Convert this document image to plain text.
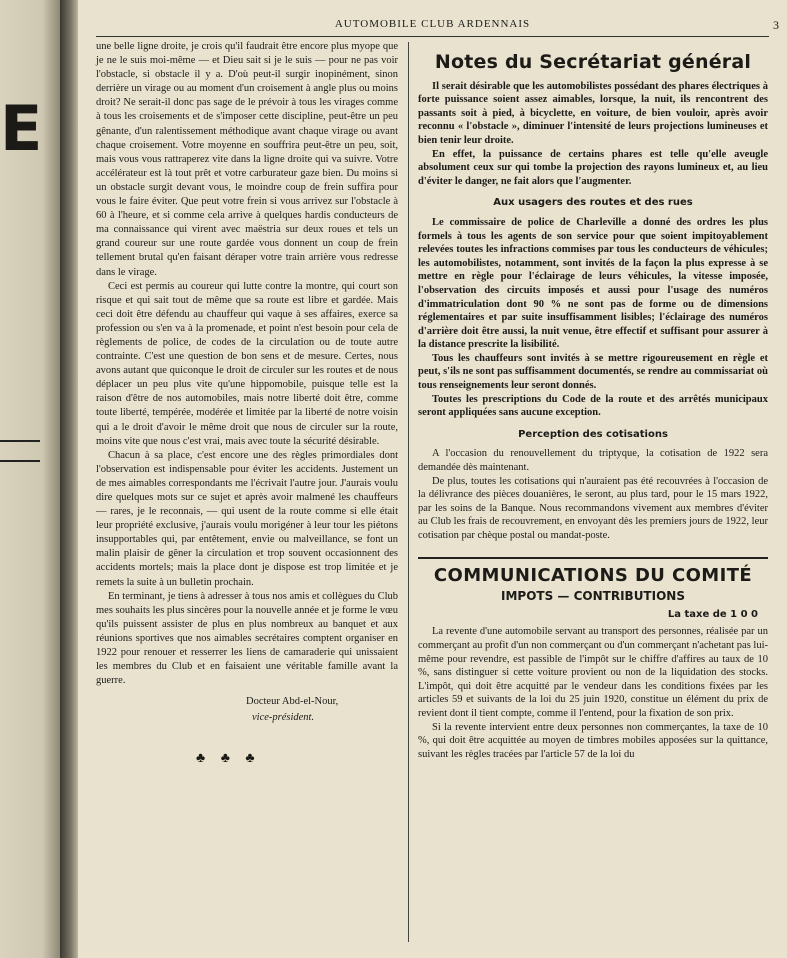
E
AUTOMOBILE CLUB ARDENNAIS	3

une belle ligne droite, je crois qu'il faudrait être encore plus myope que je ne le suis moi-même — et Dieu sait si je le suis — pour ne pas voir l'obstacle, si obstacle il y a. D'où peut-il surgir inopinément, sinon derrière un virage ou au moment d'un croisement à angle plus ou moins droit? Ne serait-il donc pas sage de le prévoir à tous les virages comme à tous les croisements et de s'imposer cette discipline, peut-être un peu gênante, d'un ralentissement méthodique avant chaque virage ou avant chaque croisement. Votre moyenne en souffrira peut-être un peu, soit, mais vous vous rattraperez vite dans la ligne droite qui va suivre. Votre accélérateur est là tout prêt et votre carburateur gaze bien. Du moins si un obstacle surgit devant vous, le moindre coup de frein suffira pour vous le faire éviter. Que peut votre frein si vous arrivez sur l'obstacle à 60 à l'heure, et si comme cela arrive à quelques hardis conducteurs de ma connaissance qui virent avec maëstria sur deux roues et tels un grand coureur sur une route gardée vous donnent un coup de frein tellement brutal qu'en faisant déraper votre train arrière vous redresse dans le virage.

Ceci est permis au coureur qui lutte contre la montre, qui court son risque et qui sait tout de même que sa route est libre et gardée. Mais ceci doit être défendu au chauffeur qui vaque à ses affaires, exerce sa profession ou s'en va à la promenade, et point n'est besoin pour cela de règlements de police, de codes de la circulation ou de toute autre contrainte. C'est une question de bon sens et de mesure. Certes, nous avons autant que quiconque le droit de circuler sur les routes et de nous déplacer un peu plus vite qu'une hippomobile, puisque telle est la raison d'être de nos automobiles, mais notre liberté doit être, comme toute liberté, tempérée, modérée et limitée par la liberté de notre voisin qui a le droit d'avoir le même droit que nous de circuler sur la route, moins vite que nous c'est vrai, mais avec toute la sécurité désirable.

Chacun à sa place, c'est encore une des règles primordiales dont l'observation est indispensable pour éviter les accidents. Justement un de mes aimables correspondants me l'écrivait l'autre jour. J'aurais voulu dire quelques mots sur ce sujet et après avoir malmené les chauffeurs — rares, je le reconnais, — qui usent de la route comme si elle était leur propriété exclusive, j'aurais voulu morigéner à leur tour les piétons insupportables qui, par entêtement, envie ou malveillance, se font un malin plaisir de gêner la circulation et trop souvent occasionnent des accidents mortels; mais la place dont je dispose est trop limitée et je remets la suite à un bulletin prochain.

En terminant, je tiens à adresser à tous nos amis et collègues du Club mes souhaits les plus sincères pour la nouvelle année et je forme le vœu qu'ils puissent assister de plus en plus nombreux au banquet et aux réunions sportives que nos aimables secrétaires comptent organiser en 1922 pour renouer et resserrer les liens de camaraderie qui unissaient les membres du Club et en faisaient une véritable famille avant la guerre.

Docteur Abd-el-Nour,
vice-président.
♣ ♣ ♣
Notes du Secrétariat général

Il serait désirable que les automobilistes possédant des phares électriques à forte puissance soient assez aimables, lorsque, la nuit, ils rencontrent des passants soit à pied, à bicyclette, en voiture, de bien vouloir, après avoir reconnu « l'obstacle », diminuer l'intensité de leurs projections lumineuses et bien tenir leur droite.

En effet, la puissance de certains phares est telle qu'elle aveugle absolument ceux sur qui tombe la projection des rayons lumineux et, au lieu d'éviter le danger, ne fait alors que l'augmenter.

Aux usagers des routes et des rues

Le commissaire de police de Charleville a donné des ordres les plus formels à tous les agents de son service pour que soient impitoyablement relevées toutes les infractions commises par tous les conducteurs de véhicules; les automobilistes, notamment, sont invités de la façon la plus expresse à se mettre en règle pour l'éclairage de leurs véhicules, la vitesse imposée, l'observation des circuits imposés et aussi pour l'usage des numéros d'immatriculation dont 90 % ne sont pas de forme ou de dimensions réglementaires et par suite insuffisamment lisibles; l'éclairage des numéros d'arrière doit être aussi, la nuit venue, être effectif et suffisant pour assurer à la distance prescrite la lisibilité.

Tous les chauffeurs sont invités à se mettre rigoureusement en règle et peut, s'ils ne sont pas suffisamment documentés, se rendre au commissariat où tous renseignements leur seront donnés.

Toutes les prescriptions du Code de la route et des arrêtés municipaux seront appliquées sans aucune exception.

Perception des cotisations

A l'occasion du renouvellement du triptyque, la cotisation de 1922 sera demandée dès maintenant.

De plus, toutes les cotisations qui n'auraient pas été recouvrées à l'occasion de la délivrance des pièces douanières, le seront, au plus tard, pour le 15 mars 1922, par les soins de la Banque. Nous recommandons vivement aux membres d'éviter au Club les frais de recouvrement, en envoyant dès les premiers jours de 1922, leur cotisation par chèque postal ou mandat-poste.

COMMUNICATIONS DU COMITÉ
IMPOTS — CONTRIBUTIONS
La taxe de 1 0 0

La revente d'une automobile servant au transport des personnes, réalisée par un commerçant au profit d'un non commerçant ou d'un commerçant n'achetant pas lui-même pour revendre, est passible de l'impôt sur le chiffre d'affires au taux de 10 %, sans distinguer si cette voiture provient ou non de la liquidation des stocks. L'impôt, qui doit être acquitté par le vendeur dans les conditions fixées par les articles 59 et suivants de la loi du 25 juin 1920, constitue un élément du prix de revient dont il tient compte, comme il l'entend, pour la fixation de son prix.

Si la revente intervient entre deux personnes non commerçantes, la taxe de 10 %, qui doit être acquittée au moyen de timbres mobiles apposées sur la quittance, suivant les règles tracées par l'article 57 de la loi du
